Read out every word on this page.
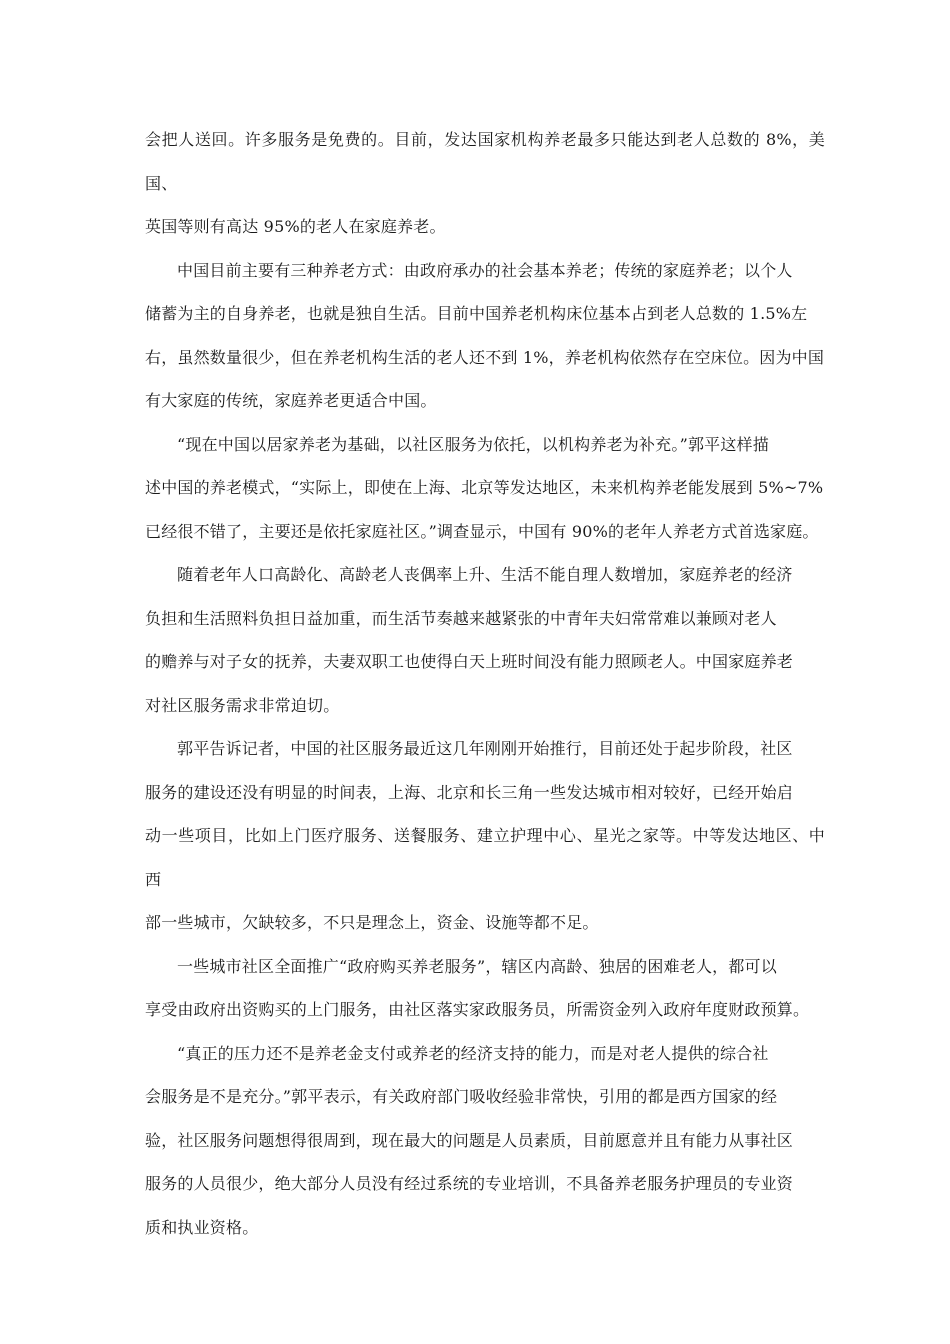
会把人送回。许多服务是免费的。目前，发达国家机构养老最多只能达到老人总数的 8%，美国、
英国等则有高达 95%的老人在家庭养老。
中国目前主要有三种养老方式：由政府承办的社会基本养老；传统的家庭养老；以个人
储蓄为主的自身养老，也就是独自生活。目前中国养老机构床位基本占到老人总数的 1.5%左
右，虽然数量很少，但在养老机构生活的老人还不到 1%，养老机构依然存在空床位。因为中国
有大家庭的传统，家庭养老更适合中国。
“现在中国以居家养老为基础，以社区服务为依托，以机构养老为补充。”郭平这样描
述中国的养老模式，“实际上，即使在上海、北京等发达地区，未来机构养老能发展到 5%~7%
已经很不错了，主要还是依托家庭社区。”调查显示，中国有 90%的老年人养老方式首选家庭。
随着老年人口高龄化、高龄老人丧偶率上升、生活不能自理人数增加，家庭养老的经济
负担和生活照料负担日益加重，而生活节奏越来越紧张的中青年夫妇常常难以兼顾对老人
的赡养与对子女的抚养，夫妻双职工也使得白天上班时间没有能力照顾老人。中国家庭养老
对社区服务需求非常迫切。
郭平告诉记者，中国的社区服务最近这几年刚刚开始推行，目前还处于起步阶段，社区
服务的建设还没有明显的时间表，上海、北京和长三角一些发达城市相对较好，已经开始启
动一些项目，比如上门医疗服务、送餐服务、建立护理中心、星光之家等。中等发达地区、中西
部一些城市，欠缺较多，不只是理念上，资金、设施等都不足。
一些城市社区全面推广“政府购买养老服务”，辖区内高龄、独居的困难老人，都可以
享受由政府出资购买的上门服务，由社区落实家政服务员，所需资金列入政府年度财政预算。
“真正的压力还不是养老金支付或养老的经济支持的能力，而是对老人提供的综合社
会服务是不是充分。”郭平表示，有关政府部门吸收经验非常快，引用的都是西方国家的经
验，社区服务问题想得很周到，现在最大的问题是人员素质，目前愿意并且有能力从事社区
服务的人员很少，绝大部分人员没有经过系统的专业培训，不具备养老服务护理员的专业资
质和执业资格。
